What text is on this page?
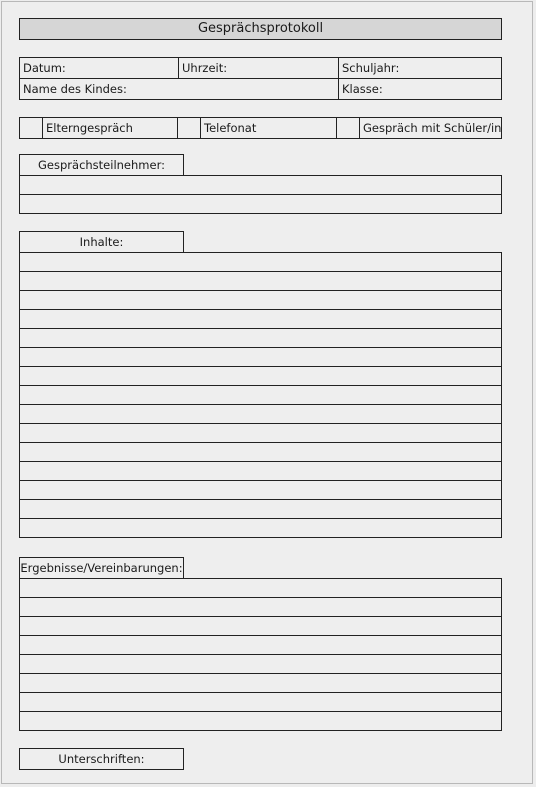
Gesprächsprotokoll
Datum:	Uhrzeit:	Schuljahr:
Name des Kindes:	Klasse:
Elterngespräch	Telefonat	Gespräch mit Schüler/in
Gesprächsteilnehmer:
Inhalte:
Ergebnisse/Vereinbarungen:
Unterschriften:
